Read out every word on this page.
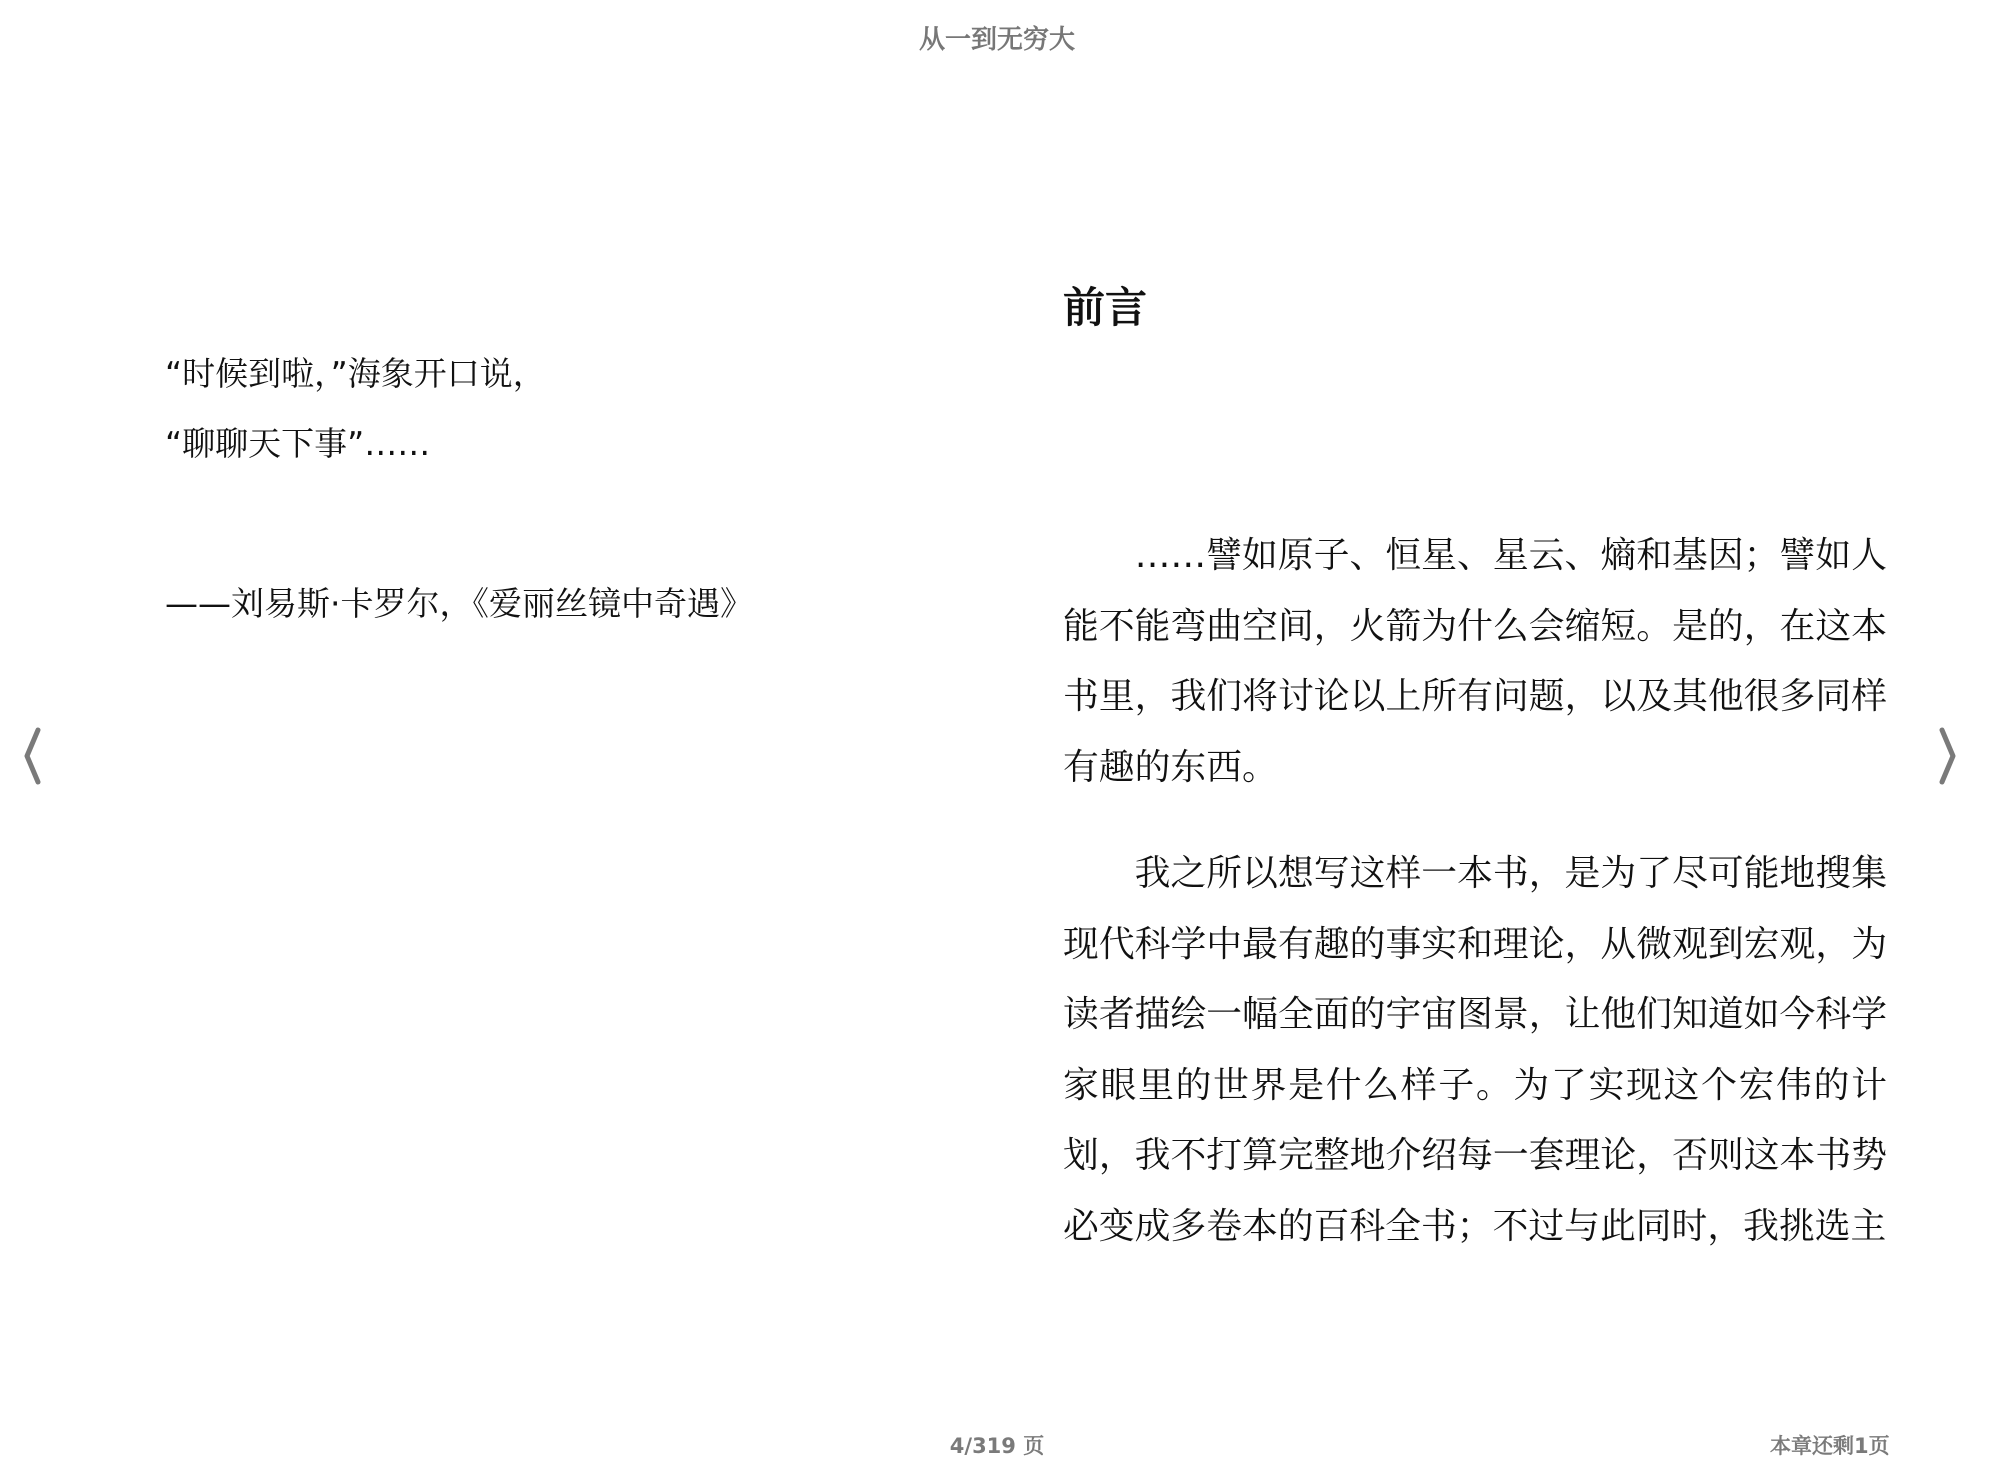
从一到无穷大
“时候到啦，”海象开口说，
“聊聊天下事”……
——刘易斯·卡罗尔，《爱丽丝镜中奇遇》
前言

……譬如原子、恒星、星云、熵和基因；譬如人能不能弯曲空间，火箭为什么会缩短。是的，在这本书里，我们将讨论以上所有问题，以及其他很多同样有趣的东西。

我之所以想写这样一本书，是为了尽可能地搜集现代科学中最有趣的事实和理论，从微观到宏观，为读者描绘一幅全面的宇宙图景，让他们知道如今科学家眼里的世界是什么样子。为了实现这个宏伟的计划，我不打算完整地介绍每一套理论，否则这本书势必变成多卷本的百科全书；不过与此同时，我挑选主

4/319 页	本章还剩1页
